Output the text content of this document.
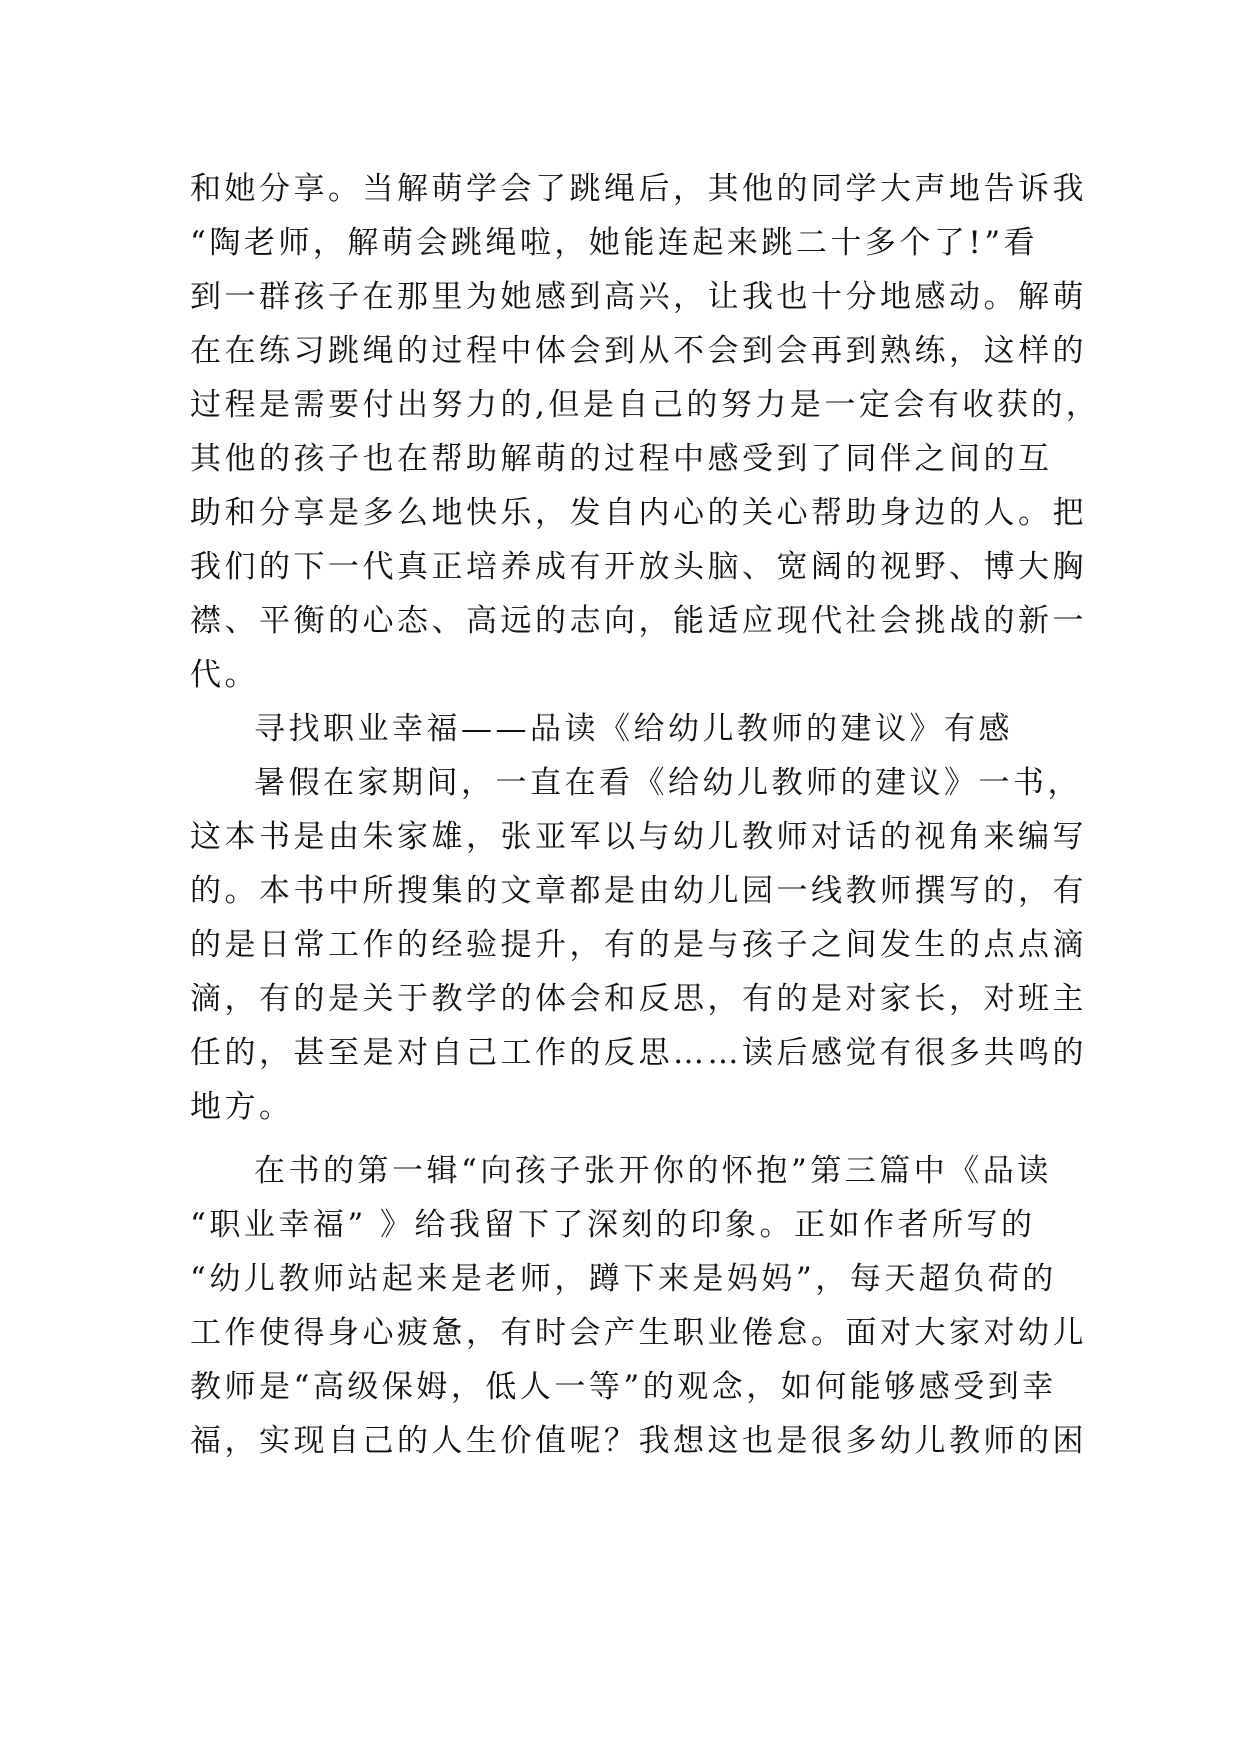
和她分享。当解萌学会了跳绳后，其他的同学大声地告诉我
“陶老师，解萌会跳绳啦，她能连起来跳二十多个了!”看
到一群孩子在那里为她感到高兴，让我也十分地感动。解萌
在在练习跳绳的过程中体会到从不会到会再到熟练，这样的
过程是需要付出努力的,但是自己的努力是一定会有收获的，
其他的孩子也在帮助解萌的过程中感受到了同伴之间的互
助和分享是多么地快乐，发自内心的关心帮助身边的人。把
我们的下一代真正培养成有开放头脑、宽阔的视野、博大胸
襟、平衡的心态、高远的志向，能适应现代社会挑战的新一
代。
寻找职业幸福——品读《给幼儿教师的建议》有感
暑假在家期间，一直在看《给幼儿教师的建议》一书，
这本书是由朱家雄，张亚军以与幼儿教师对话的视角来编写
的。本书中所搜集的文章都是由幼儿园一线教师撰写的，有
的是日常工作的经验提升，有的是与孩子之间发生的点点滴
滴，有的是关于教学的体会和反思，有的是对家长，对班主
任的，甚至是对自己工作的反思……读后感觉有很多共鸣的
地方。
在书的第一辑“向孩子张开你的怀抱”第三篇中《品读
“职业幸福” 》给我留下了深刻的印象。正如作者所写的
“幼儿教师站起来是老师，蹲下来是妈妈”，每天超负荷的
工作使得身心疲惫，有时会产生职业倦怠。面对大家对幼儿
教师是“高级保姆，低人一等”的观念，如何能够感受到幸
福，实现自己的人生价值呢？我想这也是很多幼儿教师的困
